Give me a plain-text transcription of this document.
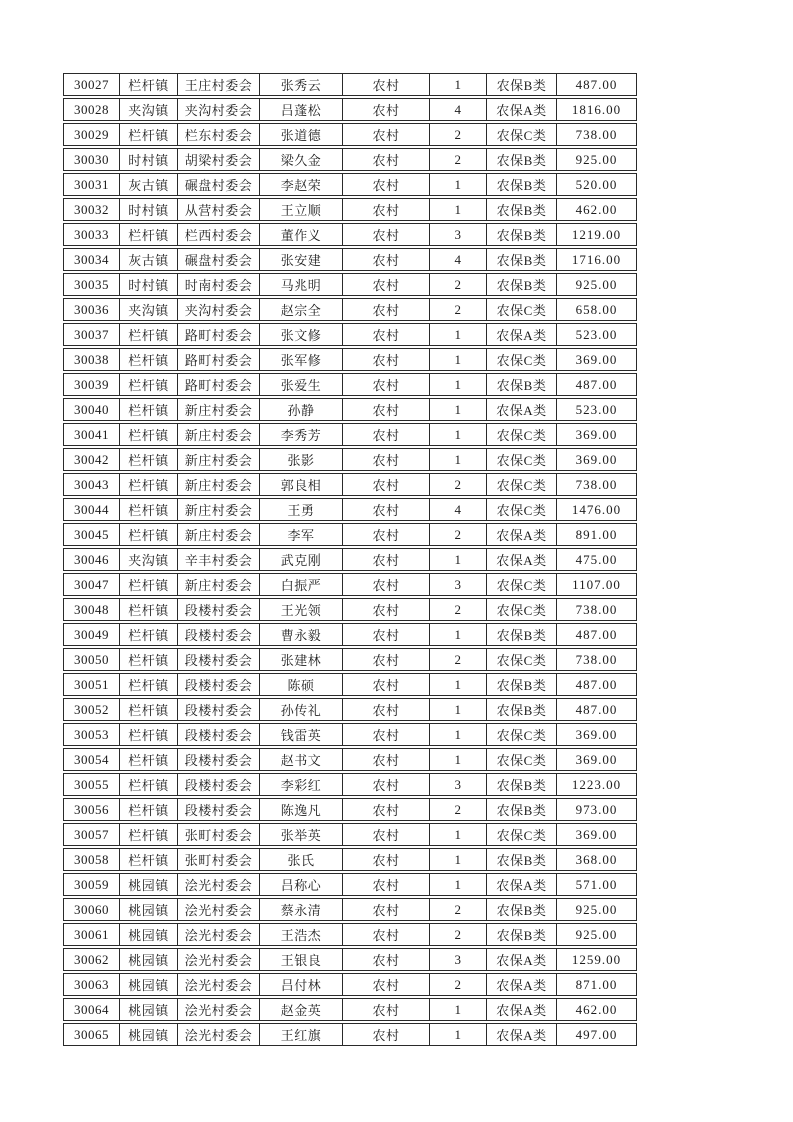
30027	栏杆镇	王庄村委会	张秀云	农村	1	农保B类	487.00
30028	夹沟镇	夹沟村委会	吕蓬松	农村	4	农保A类	1816.00
30029	栏杆镇	栏东村委会	张道德	农村	2	农保C类	738.00
30030	时村镇	胡梁村委会	梁久金	农村	2	农保B类	925.00
30031	灰古镇	碾盘村委会	李赵荣	农村	1	农保B类	520.00
30032	时村镇	从营村委会	王立顺	农村	1	农保B类	462.00
30033	栏杆镇	栏西村委会	董作义	农村	3	农保B类	1219.00
30034	灰古镇	碾盘村委会	张安建	农村	4	农保B类	1716.00
30035	时村镇	时南村委会	马兆明	农村	2	农保B类	925.00
30036	夹沟镇	夹沟村委会	赵宗全	农村	2	农保C类	658.00
30037	栏杆镇	路町村委会	张文修	农村	1	农保A类	523.00
30038	栏杆镇	路町村委会	张军修	农村	1	农保C类	369.00
30039	栏杆镇	路町村委会	张爱生	农村	1	农保B类	487.00
30040	栏杆镇	新庄村委会	孙静	农村	1	农保A类	523.00
30041	栏杆镇	新庄村委会	李秀芳	农村	1	农保C类	369.00
30042	栏杆镇	新庄村委会	张影	农村	1	农保C类	369.00
30043	栏杆镇	新庄村委会	郭良相	农村	2	农保C类	738.00
30044	栏杆镇	新庄村委会	王勇	农村	4	农保C类	1476.00
30045	栏杆镇	新庄村委会	李军	农村	2	农保A类	891.00
30046	夹沟镇	辛丰村委会	武克刚	农村	1	农保A类	475.00
30047	栏杆镇	新庄村委会	白振严	农村	3	农保C类	1107.00
30048	栏杆镇	段楼村委会	王光领	农村	2	农保C类	738.00
30049	栏杆镇	段楼村委会	曹永毅	农村	1	农保B类	487.00
30050	栏杆镇	段楼村委会	张建林	农村	2	农保C类	738.00
30051	栏杆镇	段楼村委会	陈硕	农村	1	农保B类	487.00
30052	栏杆镇	段楼村委会	孙传礼	农村	1	农保B类	487.00
30053	栏杆镇	段楼村委会	钱雷英	农村	1	农保C类	369.00
30054	栏杆镇	段楼村委会	赵书文	农村	1	农保C类	369.00
30055	栏杆镇	段楼村委会	李彩红	农村	3	农保B类	1223.00
30056	栏杆镇	段楼村委会	陈逸凡	农村	2	农保B类	973.00
30057	栏杆镇	张町村委会	张举英	农村	1	农保C类	369.00
30058	栏杆镇	张町村委会	张氏	农村	1	农保B类	368.00
30059	桃园镇	浍光村委会	吕称心	农村	1	农保A类	571.00
30060	桃园镇	浍光村委会	蔡永清	农村	2	农保B类	925.00
30061	桃园镇	浍光村委会	王浩杰	农村	2	农保B类	925.00
30062	桃园镇	浍光村委会	王银良	农村	3	农保A类	1259.00
30063	桃园镇	浍光村委会	吕付林	农村	2	农保A类	871.00
30064	桃园镇	浍光村委会	赵金英	农村	1	农保A类	462.00
30065	桃园镇	浍光村委会	王红旗	农村	1	农保A类	497.00
